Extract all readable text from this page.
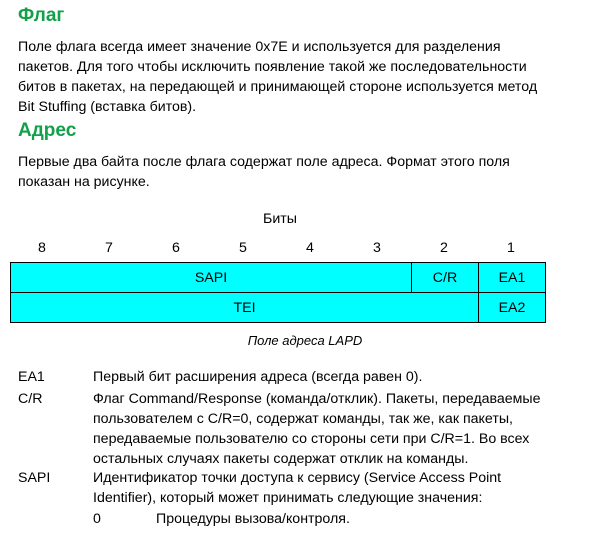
Флаг

Поле флага всегда имеет значение 0x7E и используется для разделения
пакетов. Для того чтобы исключить появление такой же последовательности
битов в пакетах, на передающей и принимающей стороне используется метод
Bit Stuffing (вставка битов).

Адрес

Первые два байта после флага содержат поле адреса. Формат этого поля
показан на рисунке.

Биты
8	7	6	5	4	3	2	1
SAPI	C/R	EA1
TEI	EA2
Поле адреса LAPD
EA1	Первый бит расширения адреса (всегда равен 0).
C/R	Флаг Command/Response (команда/отклик). Пакеты, передаваемые
пользователем с C/R=0, содержат команды, так же, как пакеты,
передаваемые пользователю со стороны сети при C/R=1. Во всех
остальных случаях пакеты содержат отклик на команды.
SAPI	Идентификатор точки доступа к сервису (Service Access Point
Identifier), который может принимать следующие значения:
0	Процедуры вызова/контроля.
